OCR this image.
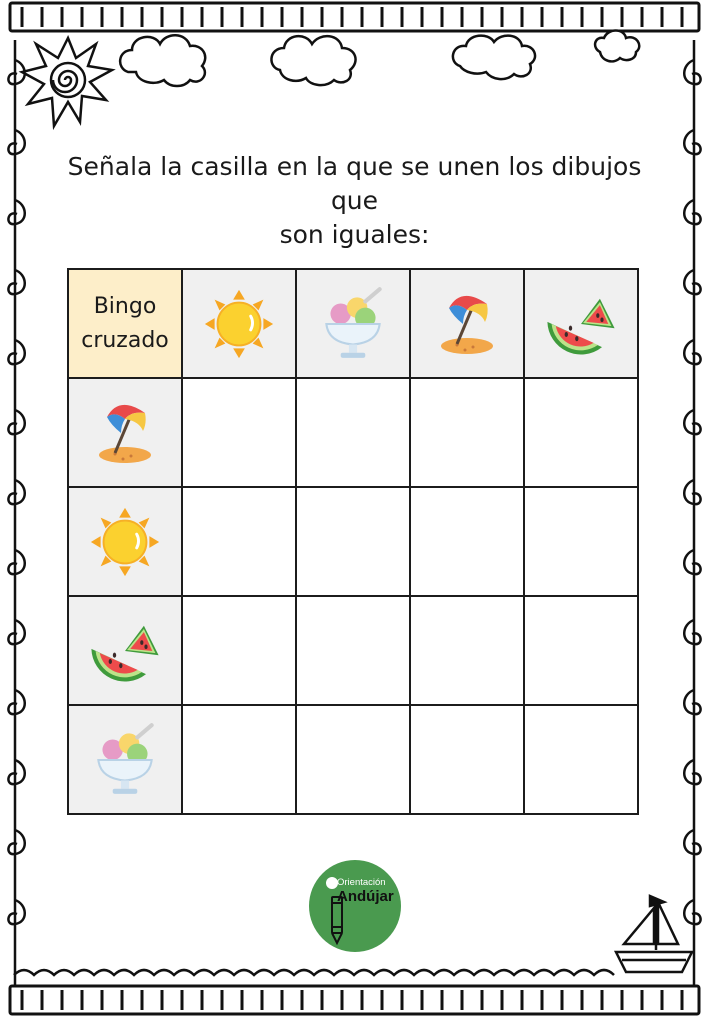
Señala la casilla en la que se unen los dibujos que
son iguales:
Bingo
cruzado

Orientación
Andújar
